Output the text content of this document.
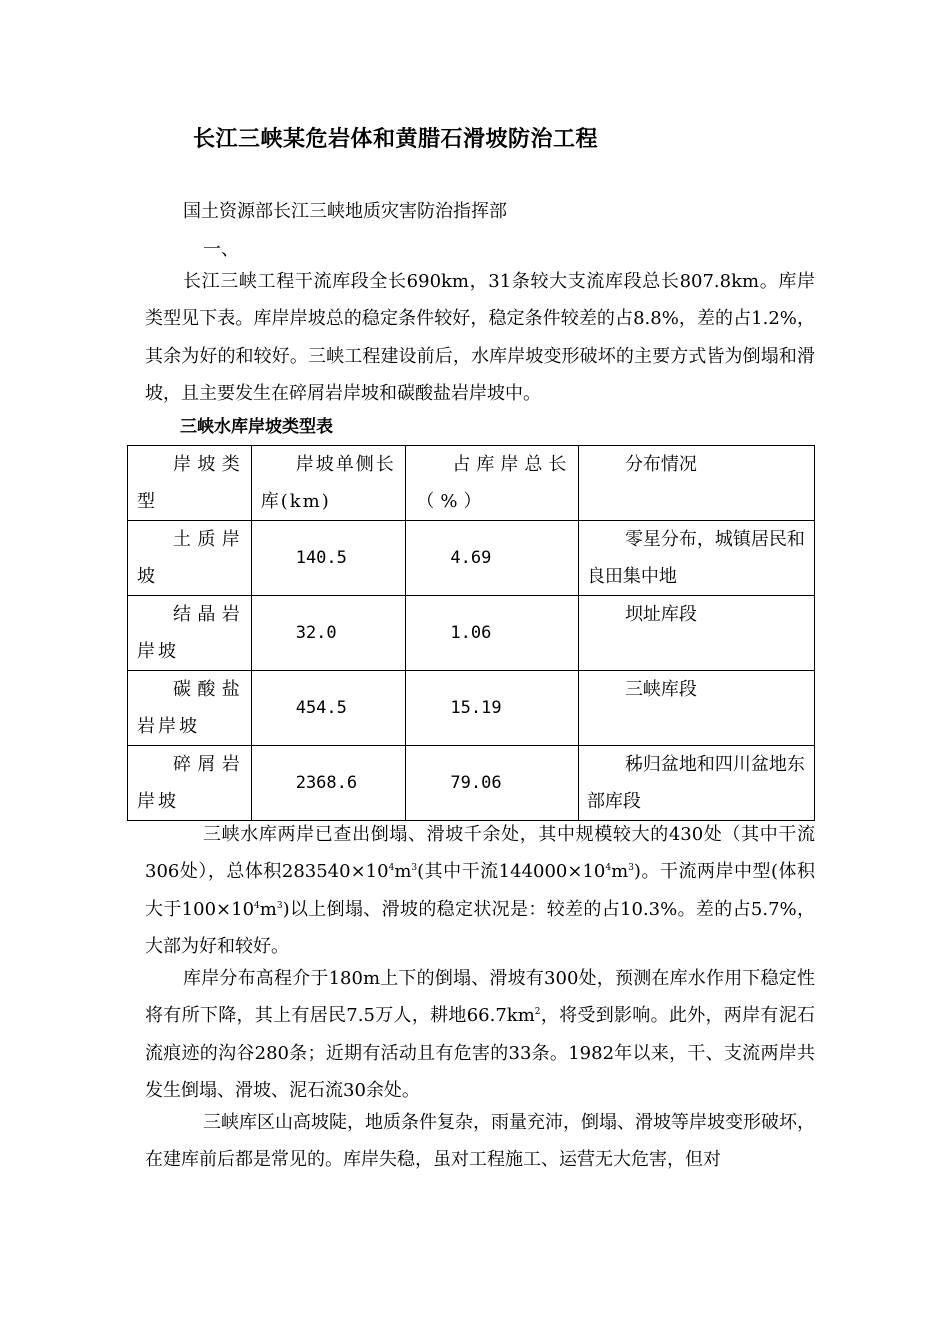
长江三峡某危岩体和黄腊石滑坡防治工程
国土资源部长江三峡地质灾害防治指挥部
一、

长江三峡工程干流库段全长690km，31条较大支流库段总长807.8km。库岸类型见下表。库岸岸坡总的稳定条件较好，稳定条件较差的占8.8%，差的占1.2%，其余为好的和较好。三峡工程建设前后，水库岸坡变形破坏的主要方式皆为倒塌和滑坡，且主要发生在碎屑岩岸坡和碳酸盐岩岸坡中。

三峡水库岸坡类型表
岸坡类型	岸坡单侧长库(km)	占库岸总长（%）	分布情况

土质岸坡	140.5	4.69	零星分布，城镇居民和良田集中地

结晶岩岸坡	32.0	1.06	坝址库段

碳酸盐岩岸坡	454.5	15.19	三峡库段

碎屑岩岸坡	2368.6	79.06	秭归盆地和四川盆地东部库段

三峡水库两岸已查出倒塌、滑坡千余处，其中规模较大的430处（其中干流306处），总体积$283540\times 10^4m^3$(其中干流$144000\times 10^4m^3$)。干流两岸中型(体积大于$100\times 10^4m^3$)以上倒塌、滑坡的稳定状况是：较差的占10.3%。差的占5.7%，大部为好和较好。

库岸分布高程介于180m上下的倒塌、滑坡有300处，预测在库水作用下稳定性将有所下降，其上有居民7.5万人，耕地$66.7km^2$，将受到影响。此外，两岸有泥石流痕迹的沟谷280条；近期有活动且有危害的33条。1982年以来，干、支流两岸共发生倒塌、滑坡、泥石流30余处。

三峡库区山高坡陡，地质条件复杂，雨量充沛，倒塌、滑坡等岸坡变形破坏，在建库前后都是常见的。库岸失稳，虽对工程施工、运营无大危害，但对
